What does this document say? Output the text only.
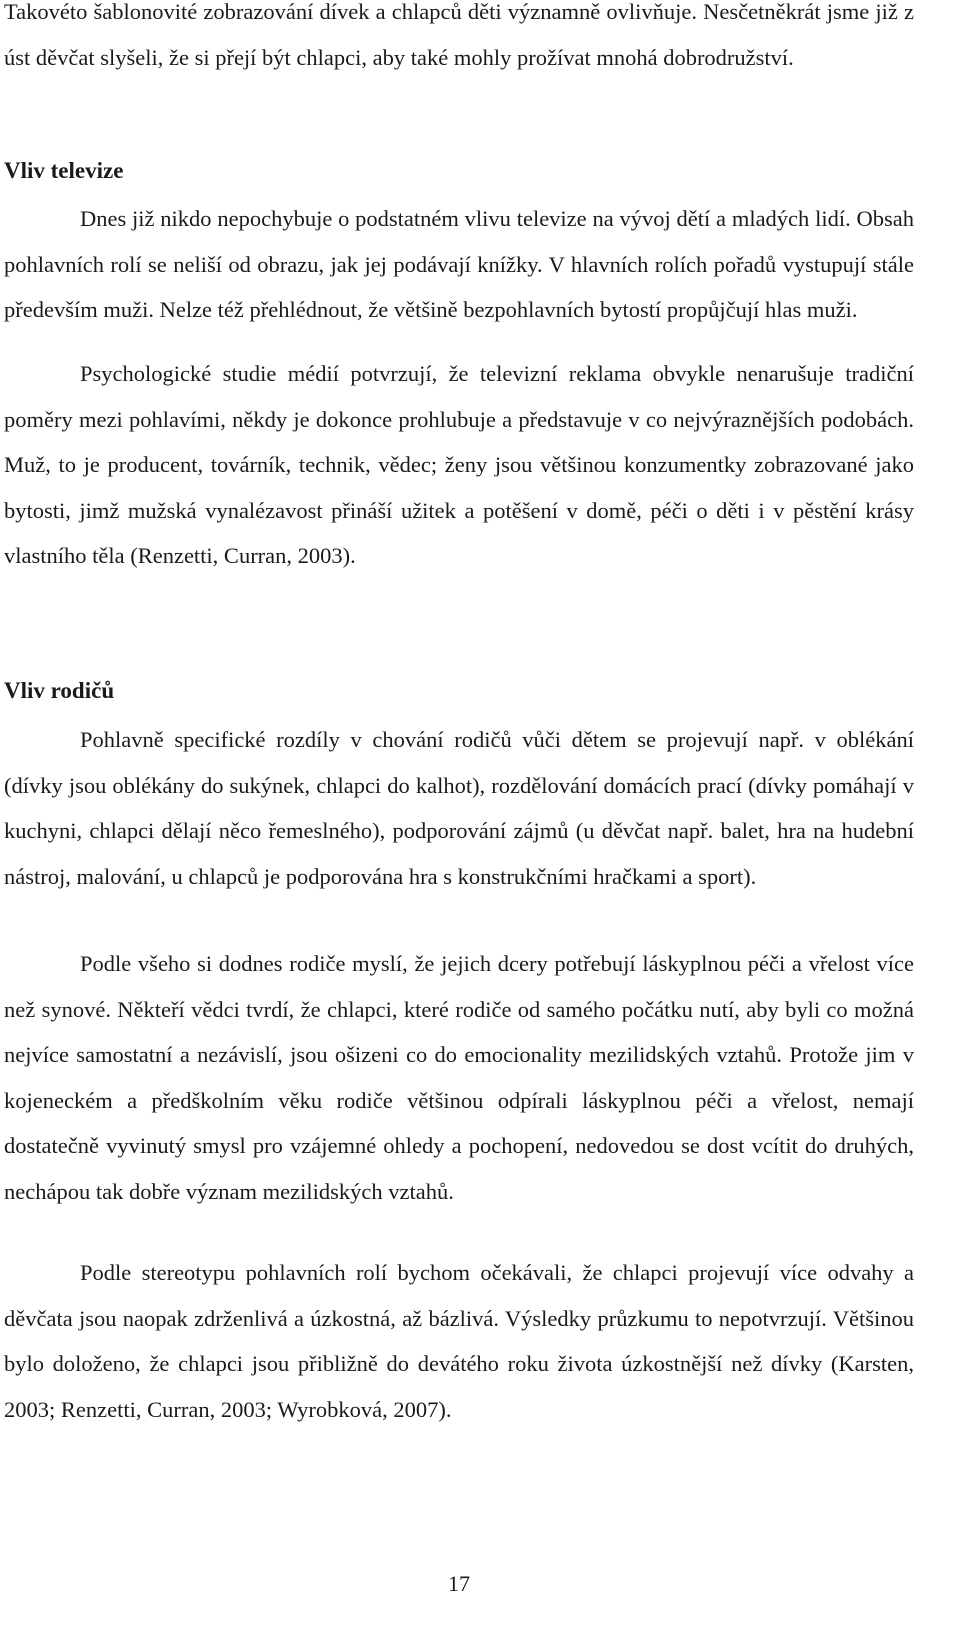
Takovéto šablonovité zobrazování dívek a chlapců děti významně ovlivňuje. Nesčetněkrát jsme již z úst děvčat slyšeli, že si přejí být chlapci, aby také mohly prožívat mnohá dobrodružství.

Vliv televize

Dnes již nikdo nepochybuje o podstatném vlivu televize na vývoj dětí a mladých lidí. Obsah pohlavních rolí se neliší od obrazu, jak jej podávají knížky. V hlavních rolích pořadů vystupují stále především muži. Nelze též přehlédnout, že většině bezpohlavních bytostí propůjčují hlas muži.

Psychologické studie médií potvrzují, že televizní reklama obvykle nenarušuje tradiční poměry mezi pohlavími, někdy je dokonce prohlubuje a představuje v co nejvýraznějších podobách. Muž, to je producent, továrník, technik, vědec; ženy jsou většinou konzumentky zobrazované jako bytosti, jimž mužská vynalézavost přináší užitek a potěšení v domě, péči o děti i v pěstění krásy vlastního těla (Renzetti, Curran, 2003).

Vliv rodičů

Pohlavně specifické rozdíly v chování rodičů vůči dětem se projevují např. v oblékání (dívky jsou oblékány do sukýnek, chlapci do kalhot), rozdělování domácích prací (dívky pomáhají v kuchyni, chlapci dělají něco řemeslného), podporování zájmů (u děvčat např. balet, hra na hudební nástroj, malování, u chlapců je podporována hra s konstrukčními hračkami a sport).

Podle všeho si dodnes rodiče myslí, že jejich dcery potřebují láskyplnou péči a vřelost více než synové. Někteří vědci tvrdí, že chlapci, které rodiče od samého počátku nutí, aby byli co možná nejvíce samostatní a nezávislí, jsou ošizeni co do emocionality mezilidských vztahů. Protože jim v kojeneckém a předškolním věku rodiče většinou odpírali láskyplnou péči a vřelost, nemají dostatečně vyvinutý smysl pro vzájemné ohledy a pochopení, nedovedou se dost vcítit do druhých, nechápou tak dobře význam mezilidských vztahů.

Podle stereotypu pohlavních rolí bychom očekávali, že chlapci projevují více odvahy a děvčata jsou naopak zdrženlivá a úzkostná, až bázlivá. Výsledky průzkumu to nepotvrzují. Většinou bylo doloženo, že chlapci jsou přibližně do devátého roku života úzkostnější než dívky (Karsten, 2003; Renzetti, Curran, 2003; Wyrobková, 2007).

17
